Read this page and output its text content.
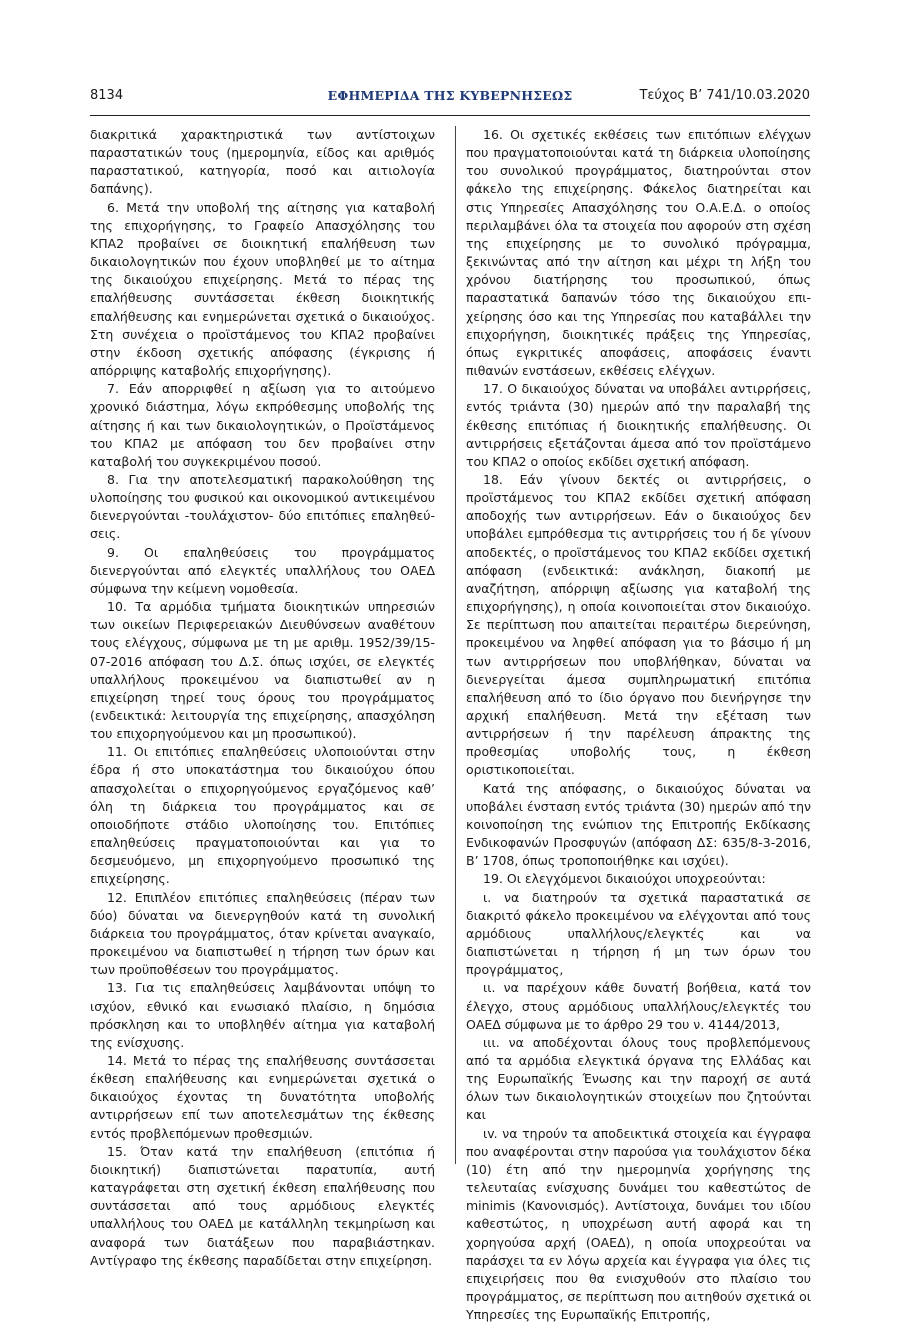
8134	ΕΦΗΜΕΡΙΔΑ ΤΗΣ ΚΥΒΕΡΝΗΣΕΩΣ	Τεύχος B’ 741/10.03.2020

διακριτικά χαρακτηριστικά των αντίστοιχων παραστατικών τους (ημερομηνία, είδος και αριθμός παραστατικού, κατηγορία, ποσό και αιτιολογία δαπάνης).

6. Μετά την υποβολή της αίτησης για καταβολή της επιχορήγησης, το Γραφείο Απασχόλησης του ΚΠΑ2 προβαίνει σε διοικητική επαλήθευση των δικαιολογητικών που έχουν υποβληθεί με το αίτημα της δικαιούχου επιχείρησης. Μετά το πέρας της επαλήθευσης συντάσσεται έκθεση διοικητικής επαλήθευσης και ενημερώνεται σχετικά ο δικαιούχος. Στη συνέχεια ο προϊστάμενος του ΚΠΑ2 προβαίνει στην έκδοση σχετικής απόφασης (έγκρισης ή απόρριψης καταβολής επιχορήγησης).

7. Εάν απορριφθεί η αξίωση για το αιτούμενο χρονικό διάστημα, λόγω εκπρόθεσμης υποβολής της αίτησης ή και των δικαιολογητικών, ο Προϊστάμενος του ΚΠΑ2 με απόφαση του δεν προβαίνει στην καταβολή του συγκεκριμένου ποσού.

8. Για την αποτελεσματική παρακολούθηση της υλοποίησης του φυσικού και οικονομικού αντικειμένου διενεργούνται -τουλάχιστον- δύο επιτόπιες επαληθεύσεις.

9. Οι επαληθεύσεις του προγράμματος διενεργούνται από ελεγκτές υπαλλήλους του ΟΑΕΔ σύμφωνα την κείμενη νομοθεσία.

10. Τα αρμόδια τμήματα διοικητικών υπηρεσιών των οικείων Περιφερειακών Διευθύνσεων αναθέτουν τους ελέγχους, σύμφωνα με τη με αριθμ. 1952/39/15-07-2016 απόφαση του Δ.Σ. όπως ισχύει, σε ελεγκτές υπαλλήλους προκειμένου να διαπιστωθεί αν η επιχείρηση τηρεί τους όρους του προγράμματος (ενδεικτικά: λειτουργία της επιχείρησης, απασχόληση του επιχορηγούμενου και μη προσωπικού).

11. Οι επιτόπιες επαληθεύσεις υλοποιούνται στην έδρα ή στο υποκατάστημα του δικαιούχου όπου απασχολείται ο επιχορηγούμενος εργαζόμενος καθ’ όλη τη διάρκεια του προγράμματος και σε οποιοδήποτε στάδιο υλοποίησης του. Επιτόπιες επαληθεύσεις πραγματοποιούνται και για το δεσμευόμενο, μη επιχορηγούμενο προσωπικό της επιχείρησης.

12. Επιπλέον επιτόπιες επαληθεύσεις (πέραν των δύο) δύναται να διενεργηθούν κατά τη συνολική διάρκεια του προγράμματος, όταν κρίνεται αναγκαίο, προκειμένου να διαπιστωθεί η τήρηση των όρων και των προϋποθέσεων του προγράμματος.

13. Για τις επαληθεύσεις λαμβάνονται υπόψη το ισχύον, εθνικό και ενωσιακό πλαίσιο, η δημόσια πρόσκληση και το υποβληθέν αίτημα για καταβολή της ενίσχυσης.

14. Μετά το πέρας της επαλήθευσης συντάσσεται έκθεση επαλήθευσης και ενημερώνεται σχετικά ο δικαιούχος έχοντας τη δυνατότητα υποβολής αντιρρήσεων επί των αποτελεσμάτων της έκθεσης εντός προβλεπόμενων προθεσμιών.

15. Όταν κατά την επαλήθευση (επιτόπια ή διοικητική) διαπιστώνεται παρατυπία, αυτή καταγράφεται στη σχετική έκθεση επαλήθευσης που συντάσσεται από τους αρμόδιους ελεγκτές υπαλλήλους του ΟΑΕΔ με κατάλληλη τεκμηρίωση και αναφορά των διατάξεων που παραβιάστηκαν. Αντίγραφο της έκθεσης παραδίδεται στην επιχείρηση.

16. Οι σχετικές εκθέσεις των επιτόπιων ελέγχων που πραγματοποιούνται κατά τη διάρκεια υλοποίησης του συνολικού προγράμματος, διατηρούνται στον φάκελο της επιχείρησης. Φάκελος διατηρείται και στις Υπηρεσίες Απασχόλησης του Ο.Α.Ε.Δ. ο οποίος περιλαμβάνει όλα τα στοιχεία που αφορούν στη σχέση της επιχείρησης με το συνολικό πρόγραμμα, ξεκινώντας από την αίτηση και μέχρι τη λήξη του χρόνου διατήρησης του προσωπικού, όπως παραστατικά δαπανών τόσο της δικαιούχου επιχείρησης όσο και της Υπηρεσίας που καταβάλλει την επιχορήγηση, διοικητικές πράξεις της Υπηρεσίας, όπως εγκριτικές αποφάσεις, αποφάσεις έναντι πιθανών ενστάσεων, εκθέσεις ελέγχων.

17. Ο δικαιούχος δύναται να υποβάλει αντιρρήσεις, εντός τριάντα (30) ημερών από την παραλαβή της έκθεσης επιτόπιας ή διοικητικής επαλήθευσης. Οι αντιρρήσεις εξετάζονται άμεσα από τον προϊστάμενο του ΚΠΑ2 ο οποίος εκδίδει σχετική απόφαση.

18. Εάν γίνουν δεκτές οι αντιρρήσεις, ο προϊστάμενος του ΚΠΑ2 εκδίδει σχετική απόφαση αποδοχής των αντιρρήσεων. Εάν ο δικαιούχος δεν υποβάλει εμπρόθεσμα τις αντιρρήσεις του ή δε γίνουν αποδεκτές, ο προϊστάμενος του ΚΠΑ2 εκδίδει σχετική απόφαση (ενδεικτικά: ανάκληση, διακοπή με αναζήτηση, απόρριψη αξίωσης για καταβολή της επιχορήγησης), η οποία κοινοποιείται στον δικαιούχο. Σε περίπτωση που απαιτείται περαιτέρω διερεύνηση, προκειμένου να ληφθεί απόφαση για το βάσιμο ή μη των αντιρρήσεων που υποβλήθηκαν, δύναται να διενεργείται άμεσα συμπληρωματική επιτόπια επαλήθευση από το ίδιο όργανο που διενήργησε την αρχική επαλήθευση. Μετά την εξέταση των αντιρρήσεων ή την παρέλευση άπρακτης της προθεσμίας υποβολής τους, η έκθεση οριστικοποιείται.

Κατά της απόφασης, ο δικαιούχος δύναται να υποβάλει ένσταση εντός τριάντα (30) ημερών από την κοινοποίηση της ενώπιον της Επιτροπής Εκδίκασης Ενδικοφανών Προσφυγών (απόφαση ΔΣ: 635/8-3-2016, Β’ 1708, όπως τροποποιήθηκε και ισχύει).

19. Οι ελεγχόμενοι δικαιούχοι υποχρεούνται:

ι. να διατηρούν τα σχετικά παραστατικά σε διακριτό φάκελο προκειμένου να ελέγχονται από τους αρμόδιους υπαλλήλους/ελεγκτές και να διαπιστώνεται η τήρηση ή μη των όρων του προγράμματος,

ιι. να παρέχουν κάθε δυνατή βοήθεια, κατά τον έλεγχο, στους αρμόδιους υπαλλήλους/ελεγκτές του ΟΑΕΔ σύμφωνα με το άρθρο 29 του ν. 4144/2013,

ιιι. να αποδέχονται όλους τους προβλεπόμενους από τα αρμόδια ελεγκτικά όργανα της Ελλάδας και της Ευρωπαϊκής Ένωσης και την παροχή σε αυτά όλων των δικαιολογητικών στοιχείων που ζητούνται και

ιv. να τηρούν τα αποδεικτικά στοιχεία και έγγραφα που αναφέρονται στην παρούσα για τουλάχιστον δέκα (10) έτη από την ημερομηνία χορήγησης της τελευταίας ενίσχυσης δυνάμει του καθεστώτος de minimis (Κανονισμός). Αντίστοιχα, δυνάμει του ιδίου καθεστώτος, η υποχρέωση αυτή αφορά και τη χορηγούσα αρχή (ΟΑΕΔ), η οποία υποχρεούται να παράσχει τα εν λόγω αρχεία και έγγραφα για όλες τις επιχειρήσεις που θα ενισχυθούν στο πλαίσιο του προγράμματος, σε περίπτωση που αιτηθούν σχετικά οι Υπηρεσίες της Ευρωπαϊκής Επιτροπής,
